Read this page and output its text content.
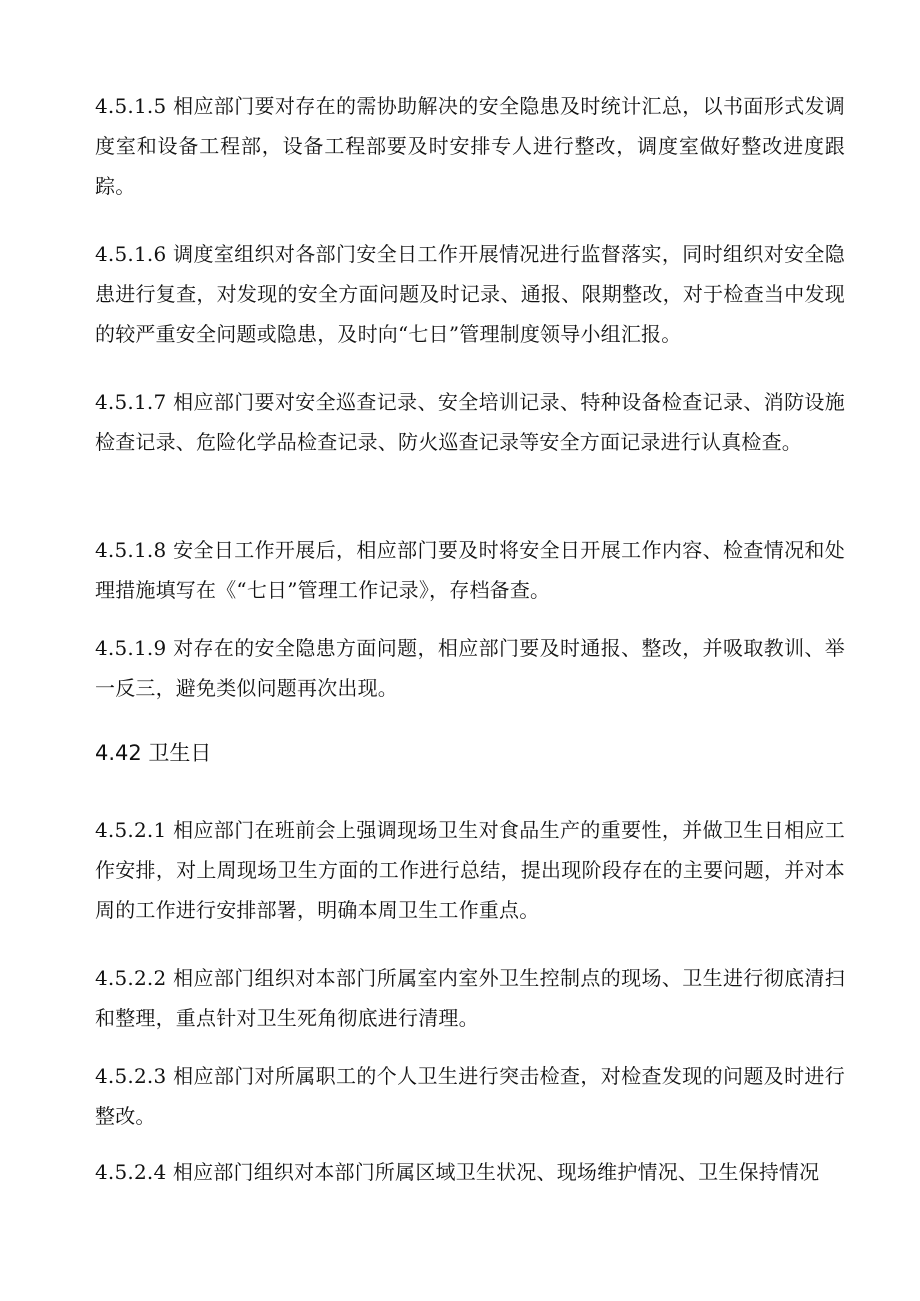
4.5.1.5 相应部门要对存在的需协助解决的安全隐患及时统计汇总，以书面形式发调度室和设备工程部，设备工程部要及时安排专人进行整改，调度室做好整改进度跟踪。

4.5.1.6 调度室组织对各部门安全日工作开展情况进行监督落实，同时组织对安全隐患进行复查，对发现的安全方面问题及时记录、通报、限期整改，对于检查当中发现的较严重安全问题或隐患，及时向“七日”管理制度领导小组汇报。

4.5.1.7 相应部门要对安全巡查记录、安全培训记录、特种设备检查记录、消防设施检查记录、危险化学品检查记录、防火巡查记录等安全方面记录进行认真检查。

4.5.1.8 安全日工作开展后，相应部门要及时将安全日开展工作内容、检查情况和处理措施填写在《“七日”管理工作记录》，存档备查。

4.5.1.9 对存在的安全隐患方面问题，相应部门要及时通报、整改，并吸取教训、举一反三，避免类似问题再次出现。

4.42 卫生日

4.5.2.1 相应部门在班前会上强调现场卫生对食品生产的重要性，并做卫生日相应工作安排，对上周现场卫生方面的工作进行总结，提出现阶段存在的主要问题，并对本周的工作进行安排部署，明确本周卫生工作重点。

4.5.2.2 相应部门组织对本部门所属室内室外卫生控制点的现场、卫生进行彻底清扫和整理，重点针对卫生死角彻底进行清理。

4.5.2.3 相应部门对所属职工的个人卫生进行突击检查，对检查发现的问题及时进行整改。

4.5.2.4 相应部门组织对本部门所属区域卫生状况、现场维护情况、卫生保持情况
